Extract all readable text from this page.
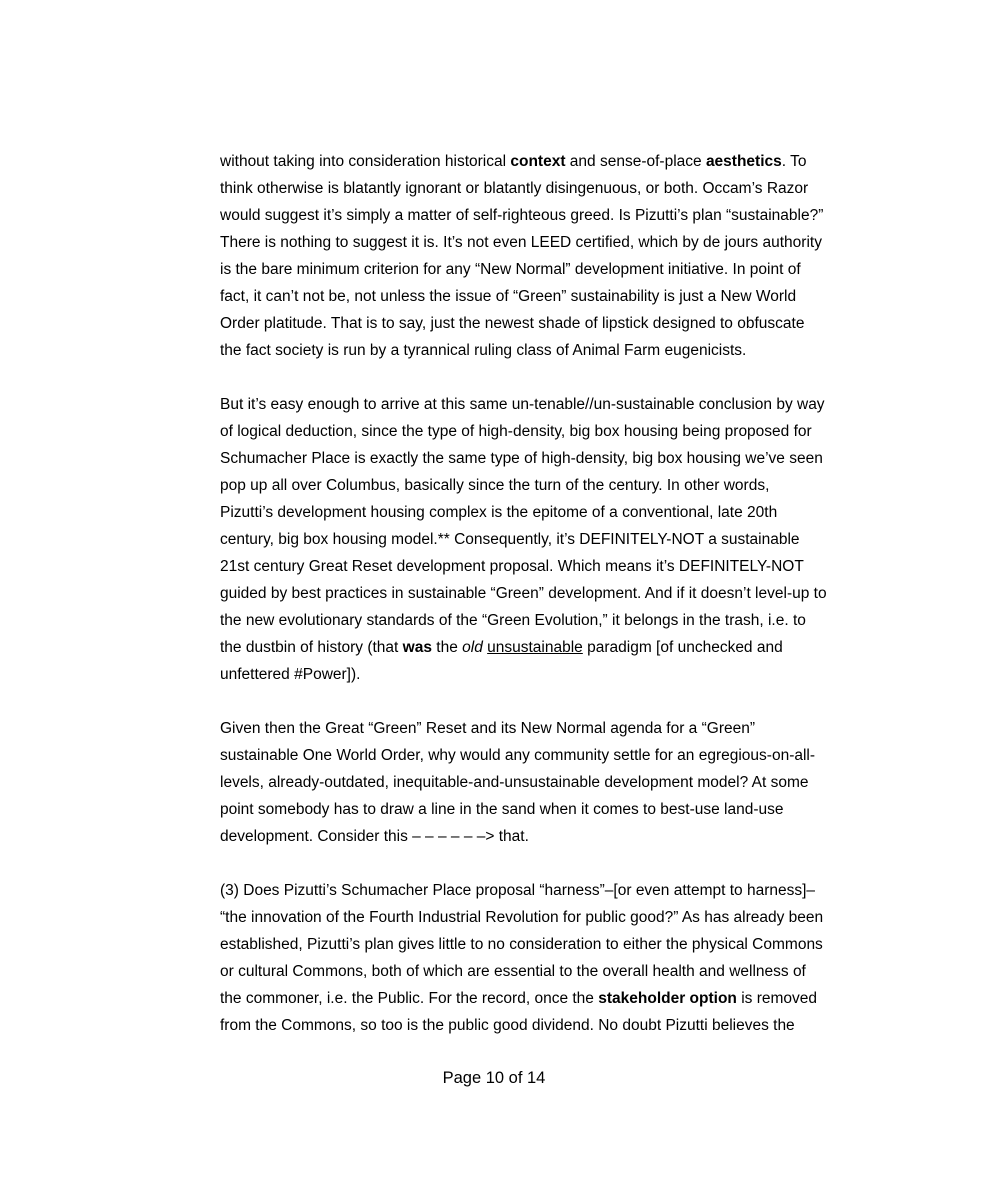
without taking into consideration historical context and sense-of-place aesthetics. To
think otherwise is blatantly ignorant or blatantly disingenuous, or both. Occam’s Razor
would suggest it’s simply a matter of self-righteous greed. Is Pizutti’s plan “sustainable?”
There is nothing to suggest it is. It’s not even LEED certified, which by de jours authority
is the bare minimum criterion for any “New Normal” development initiative. In point of
fact, it can’t not be, not unless the issue of “Green” sustainability is just a New World
Order platitude. That is to say, just the newest shade of lipstick designed to obfuscate
the fact society is run by a tyrannical ruling class of Animal Farm eugenicists.
But it’s easy enough to arrive at this same un-tenable//un-sustainable conclusion by way
of logical deduction, since the type of high-density, big box housing being proposed for
Schumacher Place is exactly the same type of high-density, big box housing we’ve seen
pop up all over Columbus, basically since the turn of the century. In other words,
Pizutti’s development housing complex is the epitome of a conventional, late 20th
century, big box housing model.** Consequently, it’s DEFINITELY-NOT a sustainable
21st century Great Reset development proposal. Which means it’s DEFINITELY-NOT
guided by best practices in sustainable “Green” development. And if it doesn’t level-up to
the new evolutionary standards of the “Green Evolution,” it belongs in the trash, i.e. to
the dustbin of history (that was the old unsustainable paradigm [of unchecked and
unfettered #Power]).
Given then the Great “Green” Reset and its New Normal agenda for a “Green”
sustainable One World Order, why would any community settle for an egregious-on-all-
levels, already-outdated, inequitable-and-unsustainable development model? At some
point somebody has to draw a line in the sand when it comes to best-use land-use
development. Consider this – – – – – –> that.
(3) Does Pizutti’s Schumacher Place proposal “harness”–[or even attempt to harness]–
“the innovation of the Fourth Industrial Revolution for public good?” As has already been
established, Pizutti’s plan gives little to no consideration to either the physical Commons
or cultural Commons, both of which are essential to the overall health and wellness of
the commoner, i.e. the Public. For the record, once the stakeholder option is removed
from the Commons, so too is the public good dividend. No doubt Pizutti believes the
Page 10 of 14
